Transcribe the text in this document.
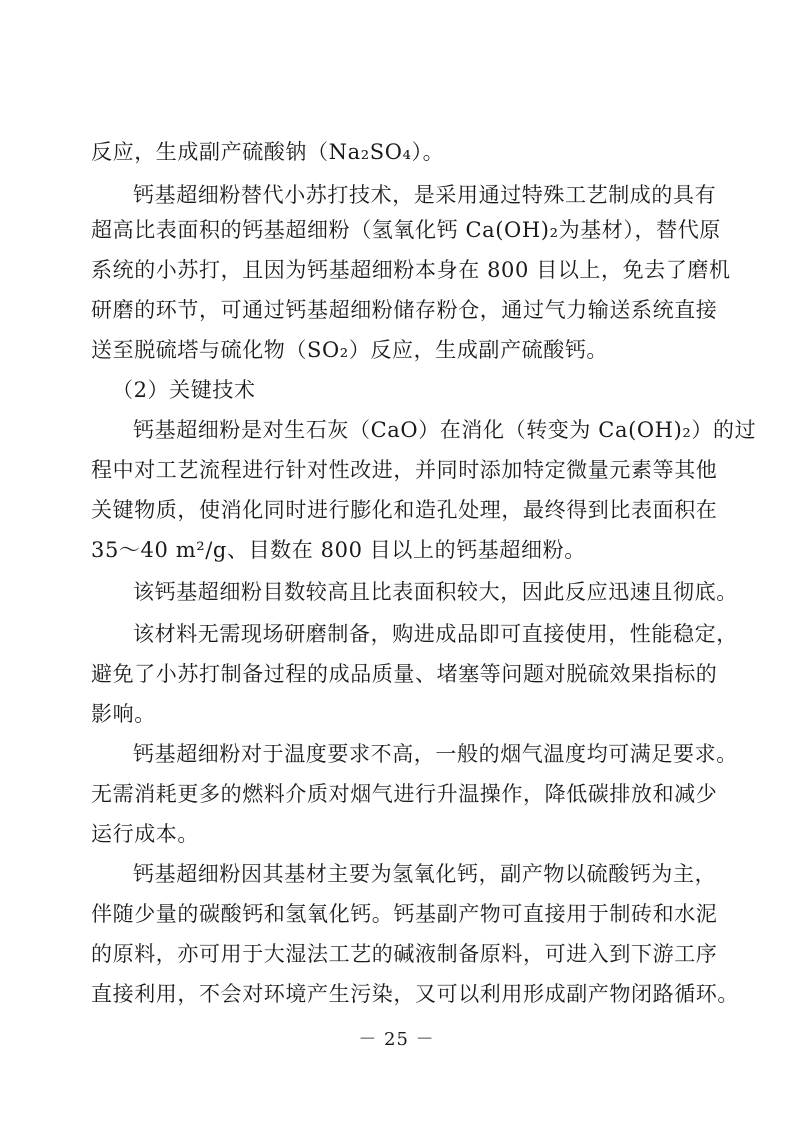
反应，生成副产硫酸钠（Na₂SO₄）。
钙基超细粉替代小苏打技术，是采用通过特殊工艺制成的具有
超高比表面积的钙基超细粉（氢氧化钙 Ca(OH)₂为基材），替代原
系统的小苏打，且因为钙基超细粉本身在 800 目以上，免去了磨机
研磨的环节，可通过钙基超细粉储存粉仓，通过气力输送系统直接
送至脱硫塔与硫化物（SO₂）反应，生成副产硫酸钙。
（2）关键技术
钙基超细粉是对生石灰（CaO）在消化（转变为 Ca(OH)₂）的过
程中对工艺流程进行针对性改进，并同时添加特定微量元素等其他
关键物质，使消化同时进行膨化和造孔处理，最终得到比表面积在
35～40 m²/g、目数在 800 目以上的钙基超细粉。
该钙基超细粉目数较高且比表面积较大，因此反应迅速且彻底。
该材料无需现场研磨制备，购进成品即可直接使用，性能稳定，
避免了小苏打制备过程的成品质量、堵塞等问题对脱硫效果指标的
影响。
钙基超细粉对于温度要求不高，一般的烟气温度均可满足要求。
无需消耗更多的燃料介质对烟气进行升温操作，降低碳排放和减少
运行成本。
钙基超细粉因其基材主要为氢氧化钙，副产物以硫酸钙为主，
伴随少量的碳酸钙和氢氧化钙。钙基副产物可直接用于制砖和水泥
的原料，亦可用于大湿法工艺的碱液制备原料，可进入到下游工序
直接利用，不会对环境产生污染，又可以利用形成副产物闭路循环。
－ 25 －
